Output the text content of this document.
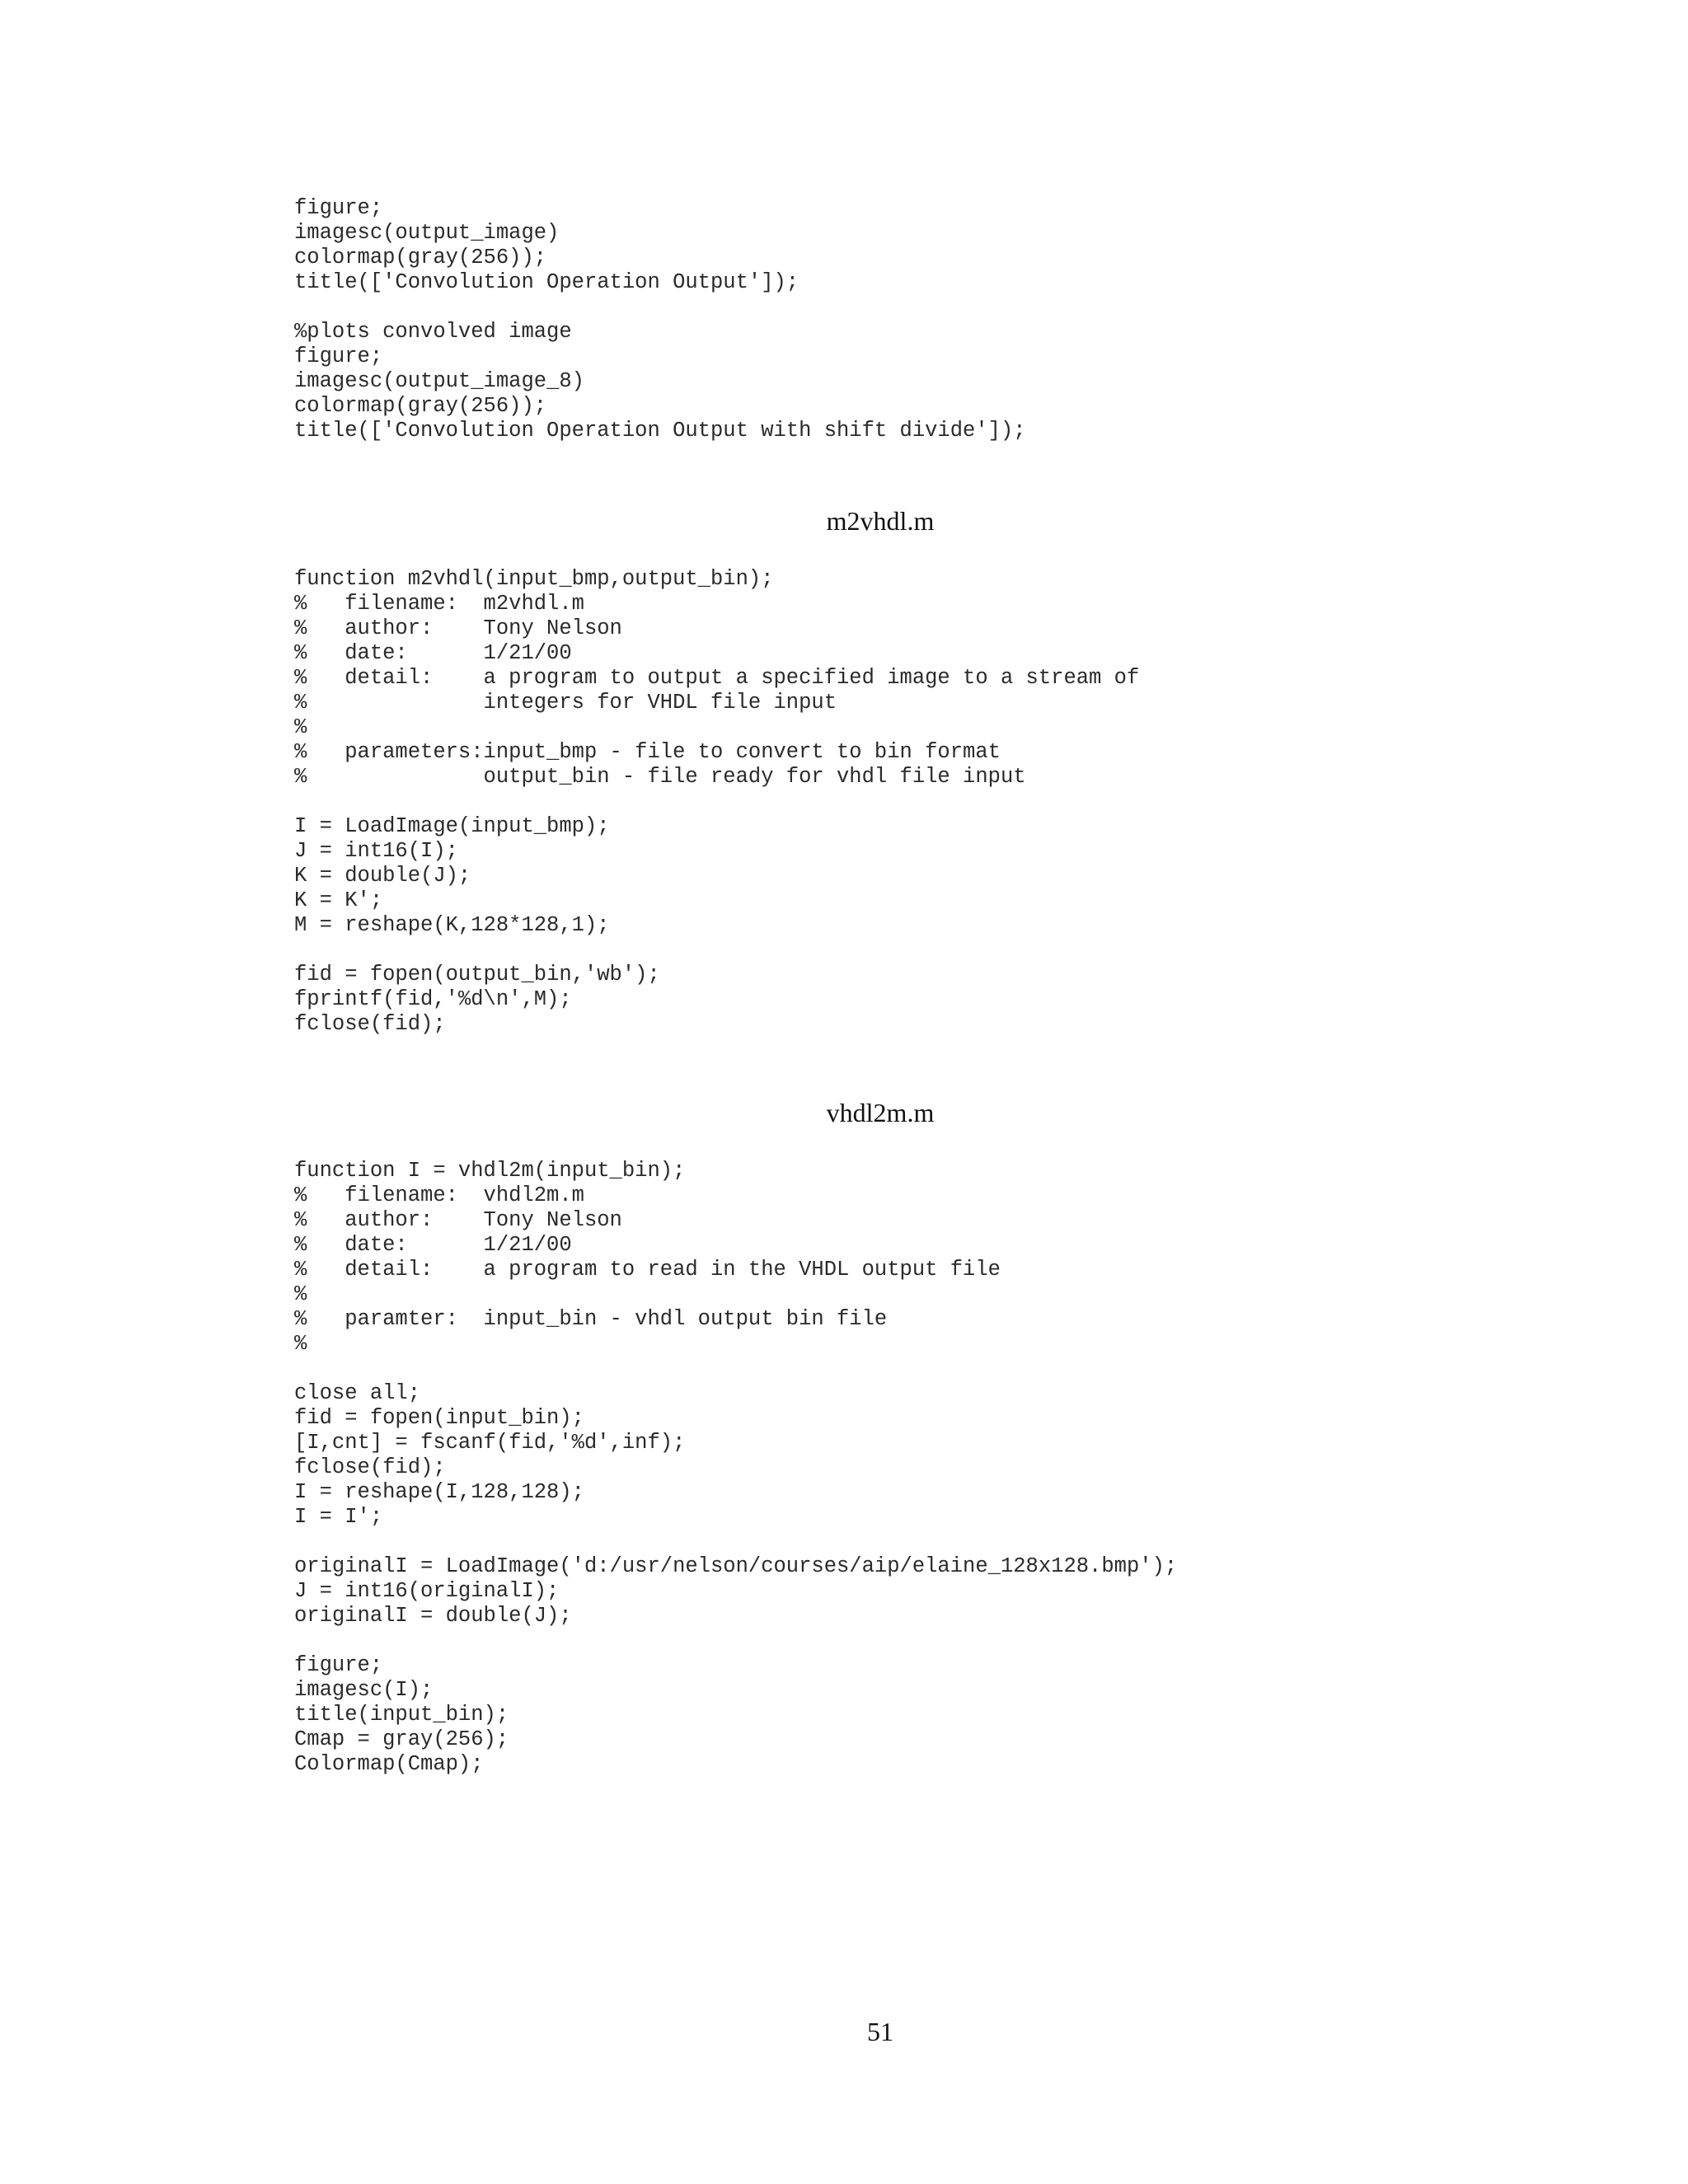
figure;
imagesc(output_image)
colormap(gray(256));
title(['Convolution Operation Output']);
%plots convolved image
figure;
imagesc(output_image_8)
colormap(gray(256));
title(['Convolution Operation Output with shift divide']);
m2vhdl.m
function m2vhdl(input_bmp,output_bin);
%   filename:  m2vhdl.m
%   author:    Tony Nelson
%   date:      1/21/00
%   detail:    a program to output a specified image to a stream of
%              integers for VHDL file input
%
%   parameters:input_bmp - file to convert to bin format
%              output_bin - file ready for vhdl file input
I = LoadImage(input_bmp);
J = int16(I);
K = double(J);
K = K';
M = reshape(K,128*128,1);
fid = fopen(output_bin,'wb');
fprintf(fid,'%d\n',M);
fclose(fid);
vhdl2m.m
function I = vhdl2m(input_bin);
%   filename:  vhdl2m.m
%   author:    Tony Nelson
%   date:      1/21/00
%   detail:    a program to read in the VHDL output file
%
%   paramter:  input_bin - vhdl output bin file
%
close all;
fid = fopen(input_bin);
[I,cnt] = fscanf(fid,'%d',inf);
fclose(fid);
I = reshape(I,128,128);
I = I';
originalI = LoadImage('d:/usr/nelson/courses/aip/elaine_128x128.bmp');
J = int16(originalI);
originalI = double(J);
figure;
imagesc(I);
title(input_bin);
Cmap = gray(256);
Colormap(Cmap);
51
